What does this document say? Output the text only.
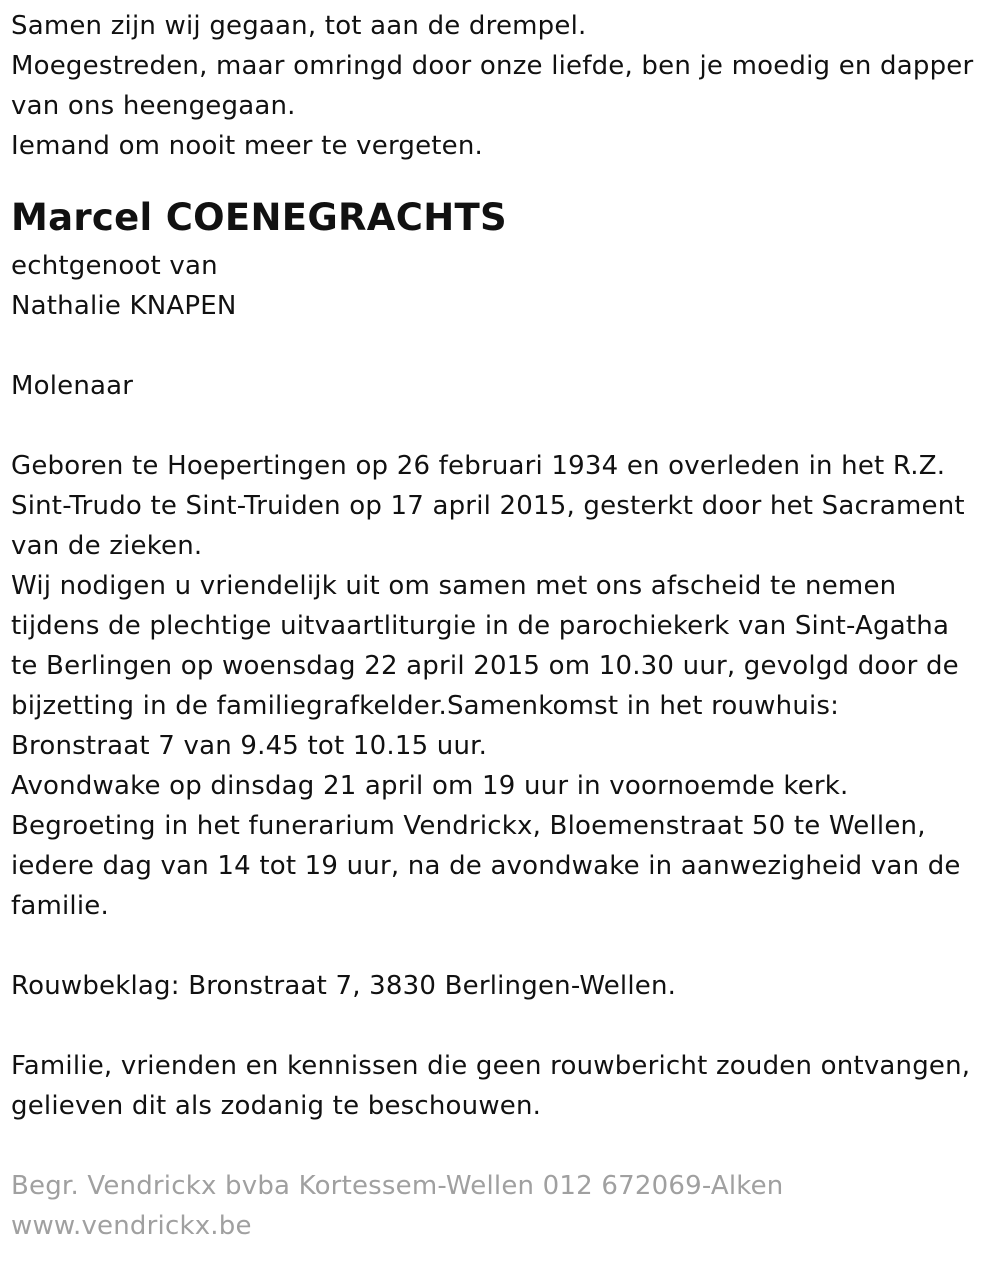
Samen zijn wij gegaan, tot aan de drempel.
Moegestreden, maar omringd door onze liefde, ben je moedig en dapper
van ons heengegaan.
Iemand om nooit meer te vergeten.
Marcel COENEGRACHTS
echtgenoot van
Nathalie KNAPEN
Molenaar
Geboren te Hoepertingen op 26 februari 1934 en overleden in het R.Z.
Sint-Trudo te Sint-Truiden op 17 april 2015, gesterkt door het Sacrament
van de zieken.
Wij nodigen u vriendelijk uit om samen met ons afscheid te nemen
tijdens de plechtige uitvaartliturgie in de parochiekerk van Sint-Agatha
te Berlingen op woensdag 22 april 2015 om 10.30 uur, gevolgd door de
bijzetting in de familiegrafkelder.Samenkomst in het rouwhuis:
Bronstraat 7 van 9.45 tot 10.15 uur.
Avondwake op dinsdag 21 april om 19 uur in voornoemde kerk.
Begroeting in het funerarium Vendrickx, Bloemenstraat 50 te Wellen,
iedere dag van 14 tot 19 uur, na de avondwake in aanwezigheid van de
familie.
Rouwbeklag: Bronstraat 7, 3830 Berlingen-Wellen.
Familie, vrienden en kennissen die geen rouwbericht zouden ontvangen,
gelieven dit als zodanig te beschouwen.
Begr. Vendrickx bvba Kortessem-Wellen 012 672069-Alken
www.vendrickx.be
